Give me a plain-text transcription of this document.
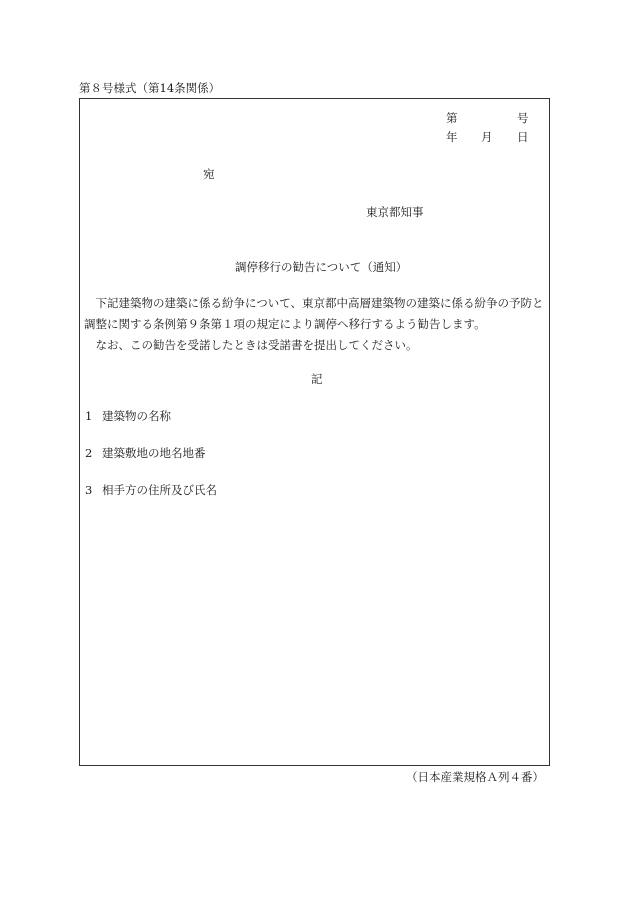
第８号様式（第14条関係）
第	号
年 月 日
宛
東京都知事
調停移行の勧告について（通知）

下記建築物の建築に係る紛争について、東京都中高層建築物の建築に係る紛争の予防と調整に関する条例第９条第１項の規定により調停へ移行するよう勧告します。

なお、この勧告を受諾したときは受諾書を提出してください。

記
1 建築物の名称
2 建築敷地の地名地番
3 相手方の住所及び氏名
（日本産業規格Ａ列４番）
